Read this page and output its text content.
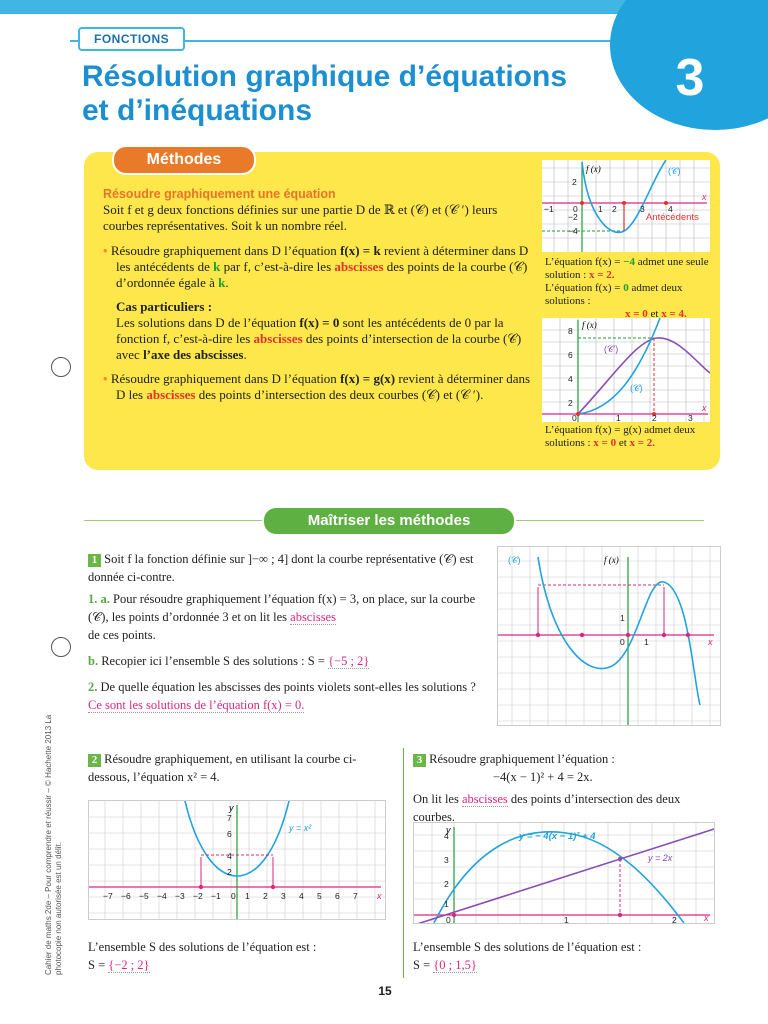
FONCTIONS
3
Résolution graphique d’équations
et d’inéquations
Cahier de maths 2de – Pour comprendre et réussir – © Hachette 2013 La photocopie non autorisée est un délit.
Méthodes
Résoudre graphiquement une équation
Soit f et g deux fonctions définies sur une partie D de ℝ et (𝒞) et (𝒞 ′) leurs courbes représentatives. Soit k un nombre réel.
• Résoudre graphiquement dans D l’équation f(x) = k revient à déterminer dans D les antécédents de k par f, c’est-à-dire les abscisses des points de la courbe (𝒞) d’ordonnée égale à k.
Cas particuliers :
Les solutions dans D de l’équation f(x) = 0 sont les antécédents de 0 par la fonction f, c’est-à-dire les abscisses des points d’intersection de la courbe (𝒞) avec l’axe des abscisses.
• Résoudre graphiquement dans D l’équation f(x) = g(x) revient à déterminer dans D les abscisses des points d’intersection des deux courbes (𝒞) et (𝒞 ′).
f (x)	(𝒞)
Antécédents
x
−1 0 1 2	3	4
2
−2
−4
L’équation f(x) = −4 admet une seule solution : x = 2.
L’équation f(x) = 0 admet deux solutions :
x = 0 et x = 4.
f (x)
(𝒞′)
(𝒞)
x
0	1	2	3
8
6
4
2
L’équation f(x) = g(x) admet deux solutions : x = 0 et x = 2.
Maîtriser les méthodes
1 Soit f la fonction définie sur ]−∞ ; 4] dont la courbe représentative (𝒞) est donnée ci-contre.
1. a. Pour résoudre graphiquement l’équation f(x) = 3, on place, sur la courbe (𝒞), les points d’ordonnée 3 et on lit les abscisses
de ces points.
b. Recopier ici l’ensemble S des solutions : S = {−5 ; 2}
2. De quelle équation les abscisses des points violets sont-elles les solutions ? Ce sont les solutions de l’équation f(x) = 0.
f (x)
(𝒞)
x
0 1
1
2 Résoudre graphiquement, en utilisant la courbe ci-dessous, l’équation x² = 4.
y
y = x²
x
−7 −6 −5 −4 −3 −2 −1 0 1 2 3 4 5 6 7
7
6
4
2
L’ensemble S des solutions de l’équation est :
S = {−2 ; 2}
3 Résoudre graphiquement l’équation :
−4(x − 1)² + 4 = 2x.
On lit les abscisses des points d’intersection des deux courbes.
y
y = − 4(x − 1)² + 4
y = 2x
x
0	1	2
4
3
2
1
L’ensemble S des solutions de l’équation est :
S = {0 ; 1,5}
15
